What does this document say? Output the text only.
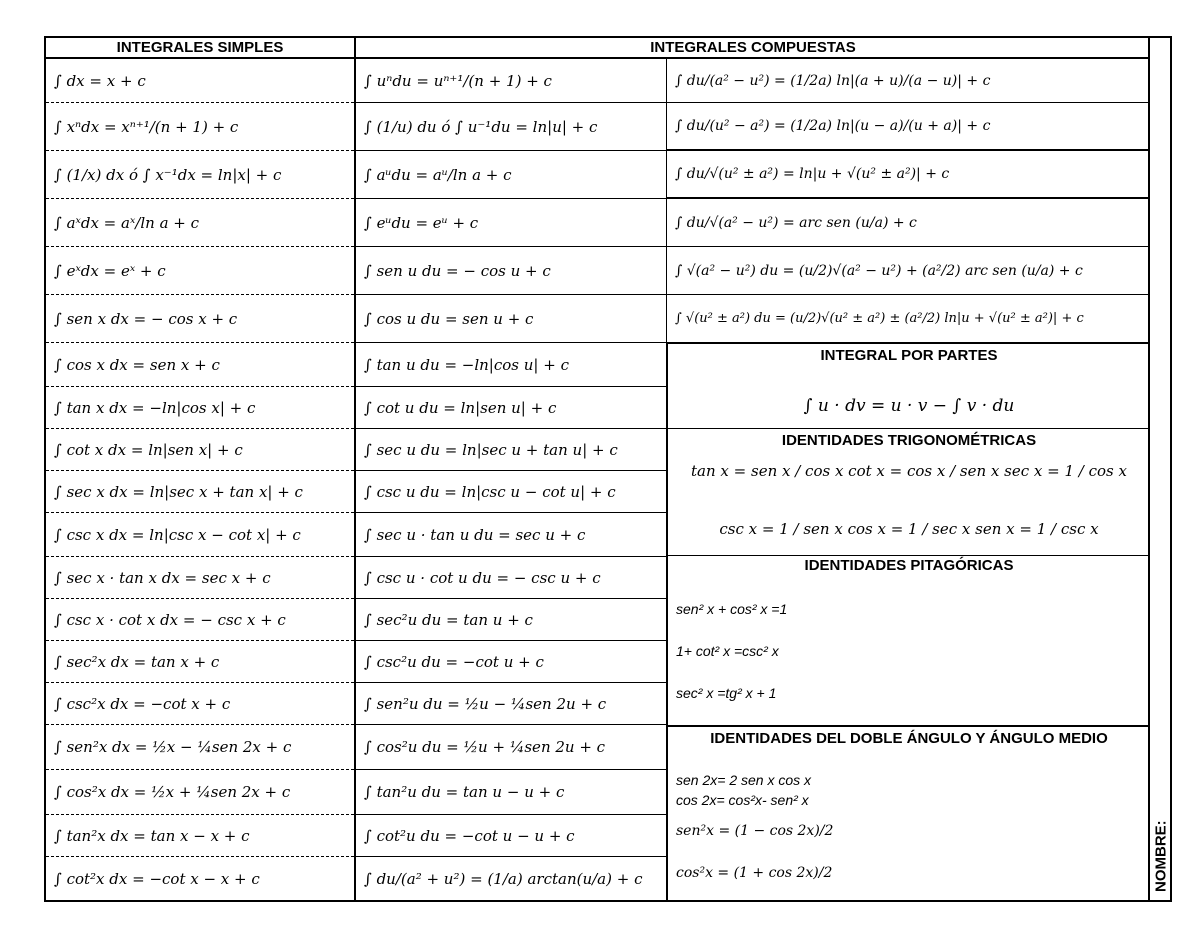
INTEGRALES SIMPLES	INTEGRALES COMPUESTAS
∫ dx = x + c
∫ xⁿdx = xⁿ⁺¹/(n + 1) + c
∫ (1/x) dx ó ∫ x⁻¹dx = ln|x| + c
∫ aˣdx = aˣ/ln a + c
∫ eˣdx = eˣ + c
∫ sen x dx = − cos x + c
∫ cos x dx = sen x + c
∫ tan x dx = −ln|cos x| + c
∫ cot x dx = ln|sen x| + c
∫ sec x dx = ln|sec x + tan x| + c
∫ csc x dx = ln|csc x − cot x| + c
∫ sec x · tan x dx = sec x + c
∫ csc x · cot x dx = − csc x + c
∫ sec²x dx = tan x + c
∫ csc²x dx = −cot x + c
∫ sen²x dx = ½x − ¼sen 2x + c
∫ cos²x dx = ½x + ¼sen 2x + c
∫ tan²x dx = tan x − x + c
∫ cot²x dx = −cot x − x + c
∫ uⁿdu = uⁿ⁺¹/(n + 1) + c
∫ (1/u) du ó ∫ u⁻¹du = ln|u| + c
∫ aᵘdu = aᵘ/ln a + c
∫ eᵘdu = eᵘ + c
∫ sen u du = − cos u + c
∫ cos u du = sen u + c
∫ tan u du = −ln|cos u| + c
∫ cot u du = ln|sen u| + c
∫ sec u du = ln|sec u + tan u| + c
∫ csc u du = ln|csc u − cot u| + c
∫ sec u · tan u du = sec u + c
∫ csc u · cot u du = − csc u + c
∫ sec²u du = tan u + c
∫ csc²u du = −cot u + c
∫ sen²u du = ½u − ¼sen 2u + c
∫ cos²u du = ½u + ¼sen 2u + c
∫ tan²u du = tan u − u + c
∫ cot²u du = −cot u − u + c
∫ du/(a² + u²) = (1/a) arctan(u/a) + c
∫ du/(a² − u²) = (1/2a) ln|(a + u)/(a − u)| + c
∫ du/(u² − a²) = (1/2a) ln|(u − a)/(u + a)| + c
∫ du/√(u² ± a²) = ln|u + √(u² ± a²)| + c
∫ du/√(a² − u²) = arc sen (u/a) + c
∫ √(a² − u²) du = (u/2)√(a² − u²) + (a²/2) arc sen (u/a) + c
∫ √(u² ± a²) du = (u/2)√(u² ± a²) ± (a²/2) ln|u + √(u² ± a²)| + c
INTEGRAL POR PARTES
∫ u · dv = u · v − ∫ v · du
IDENTIDADES TRIGONOMÉTRICAS
tan x = sen x / cos x cot x = cos x / sen x sec x = 1 / cos x
csc x = 1 / sen x cos x = 1 / sec x sen x = 1 / csc x
IDENTIDADES PITAGÓRICAS
sen² x + cos² x =1
1+ cot² x =csc² x
sec² x =tg² x + 1
IDENTIDADES DEL DOBLE ÁNGULO Y ÁNGULO MEDIO
sen 2x= 2 sen x cos x
cos 2x= cos²x- sen² x
sen²x = (1 − cos 2x)/2
cos²x = (1 + cos 2x)/2	NOMBRE:
